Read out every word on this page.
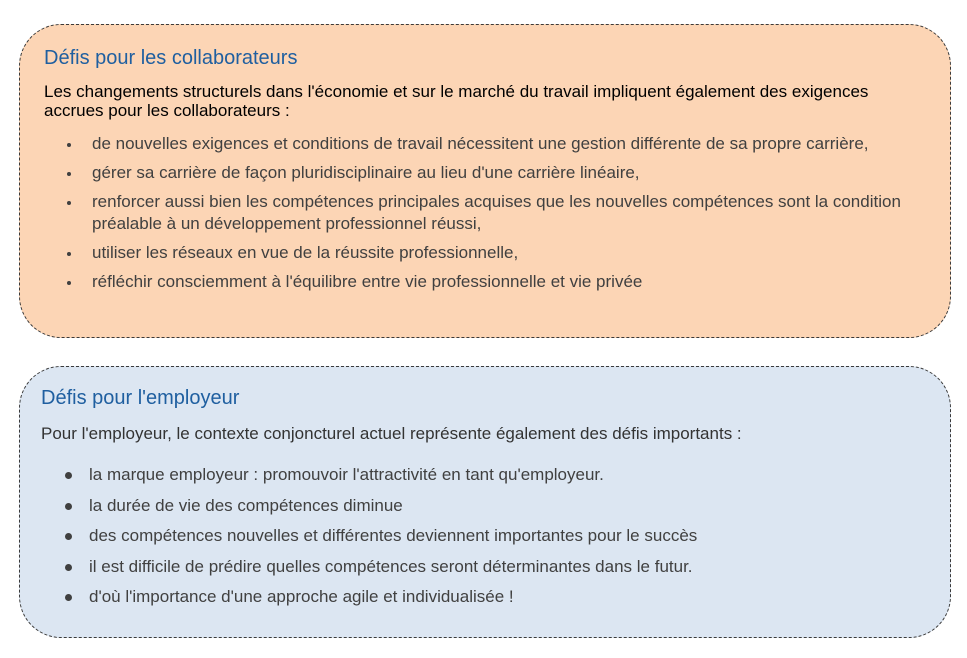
Défis pour les collaborateurs
Les changements structurels dans l'économie et sur le marché du travail impliquent également des exigences accrues pour les collaborateurs :
de nouvelles exigences et conditions de travail nécessitent une gestion différente de sa propre carrière,
gérer sa carrière de façon pluridisciplinaire au lieu d'une carrière linéaire,
renforcer aussi bien les compétences principales acquises que les nouvelles compétences sont la condition préalable à un développement professionnel réussi,
utiliser les réseaux en vue de la réussite professionnelle,
réfléchir consciemment à l'équilibre entre vie professionnelle et vie privée
Défis pour l'employeur
Pour l'employeur, le contexte conjoncturel actuel représente également des défis importants :
la marque employeur : promouvoir l'attractivité en tant qu'employeur.
la durée de vie des compétences diminue
des compétences nouvelles et différentes deviennent importantes pour le succès
il est difficile de prédire quelles compétences seront déterminantes dans le futur.
d'où l'importance d'une approche agile et individualisée !
